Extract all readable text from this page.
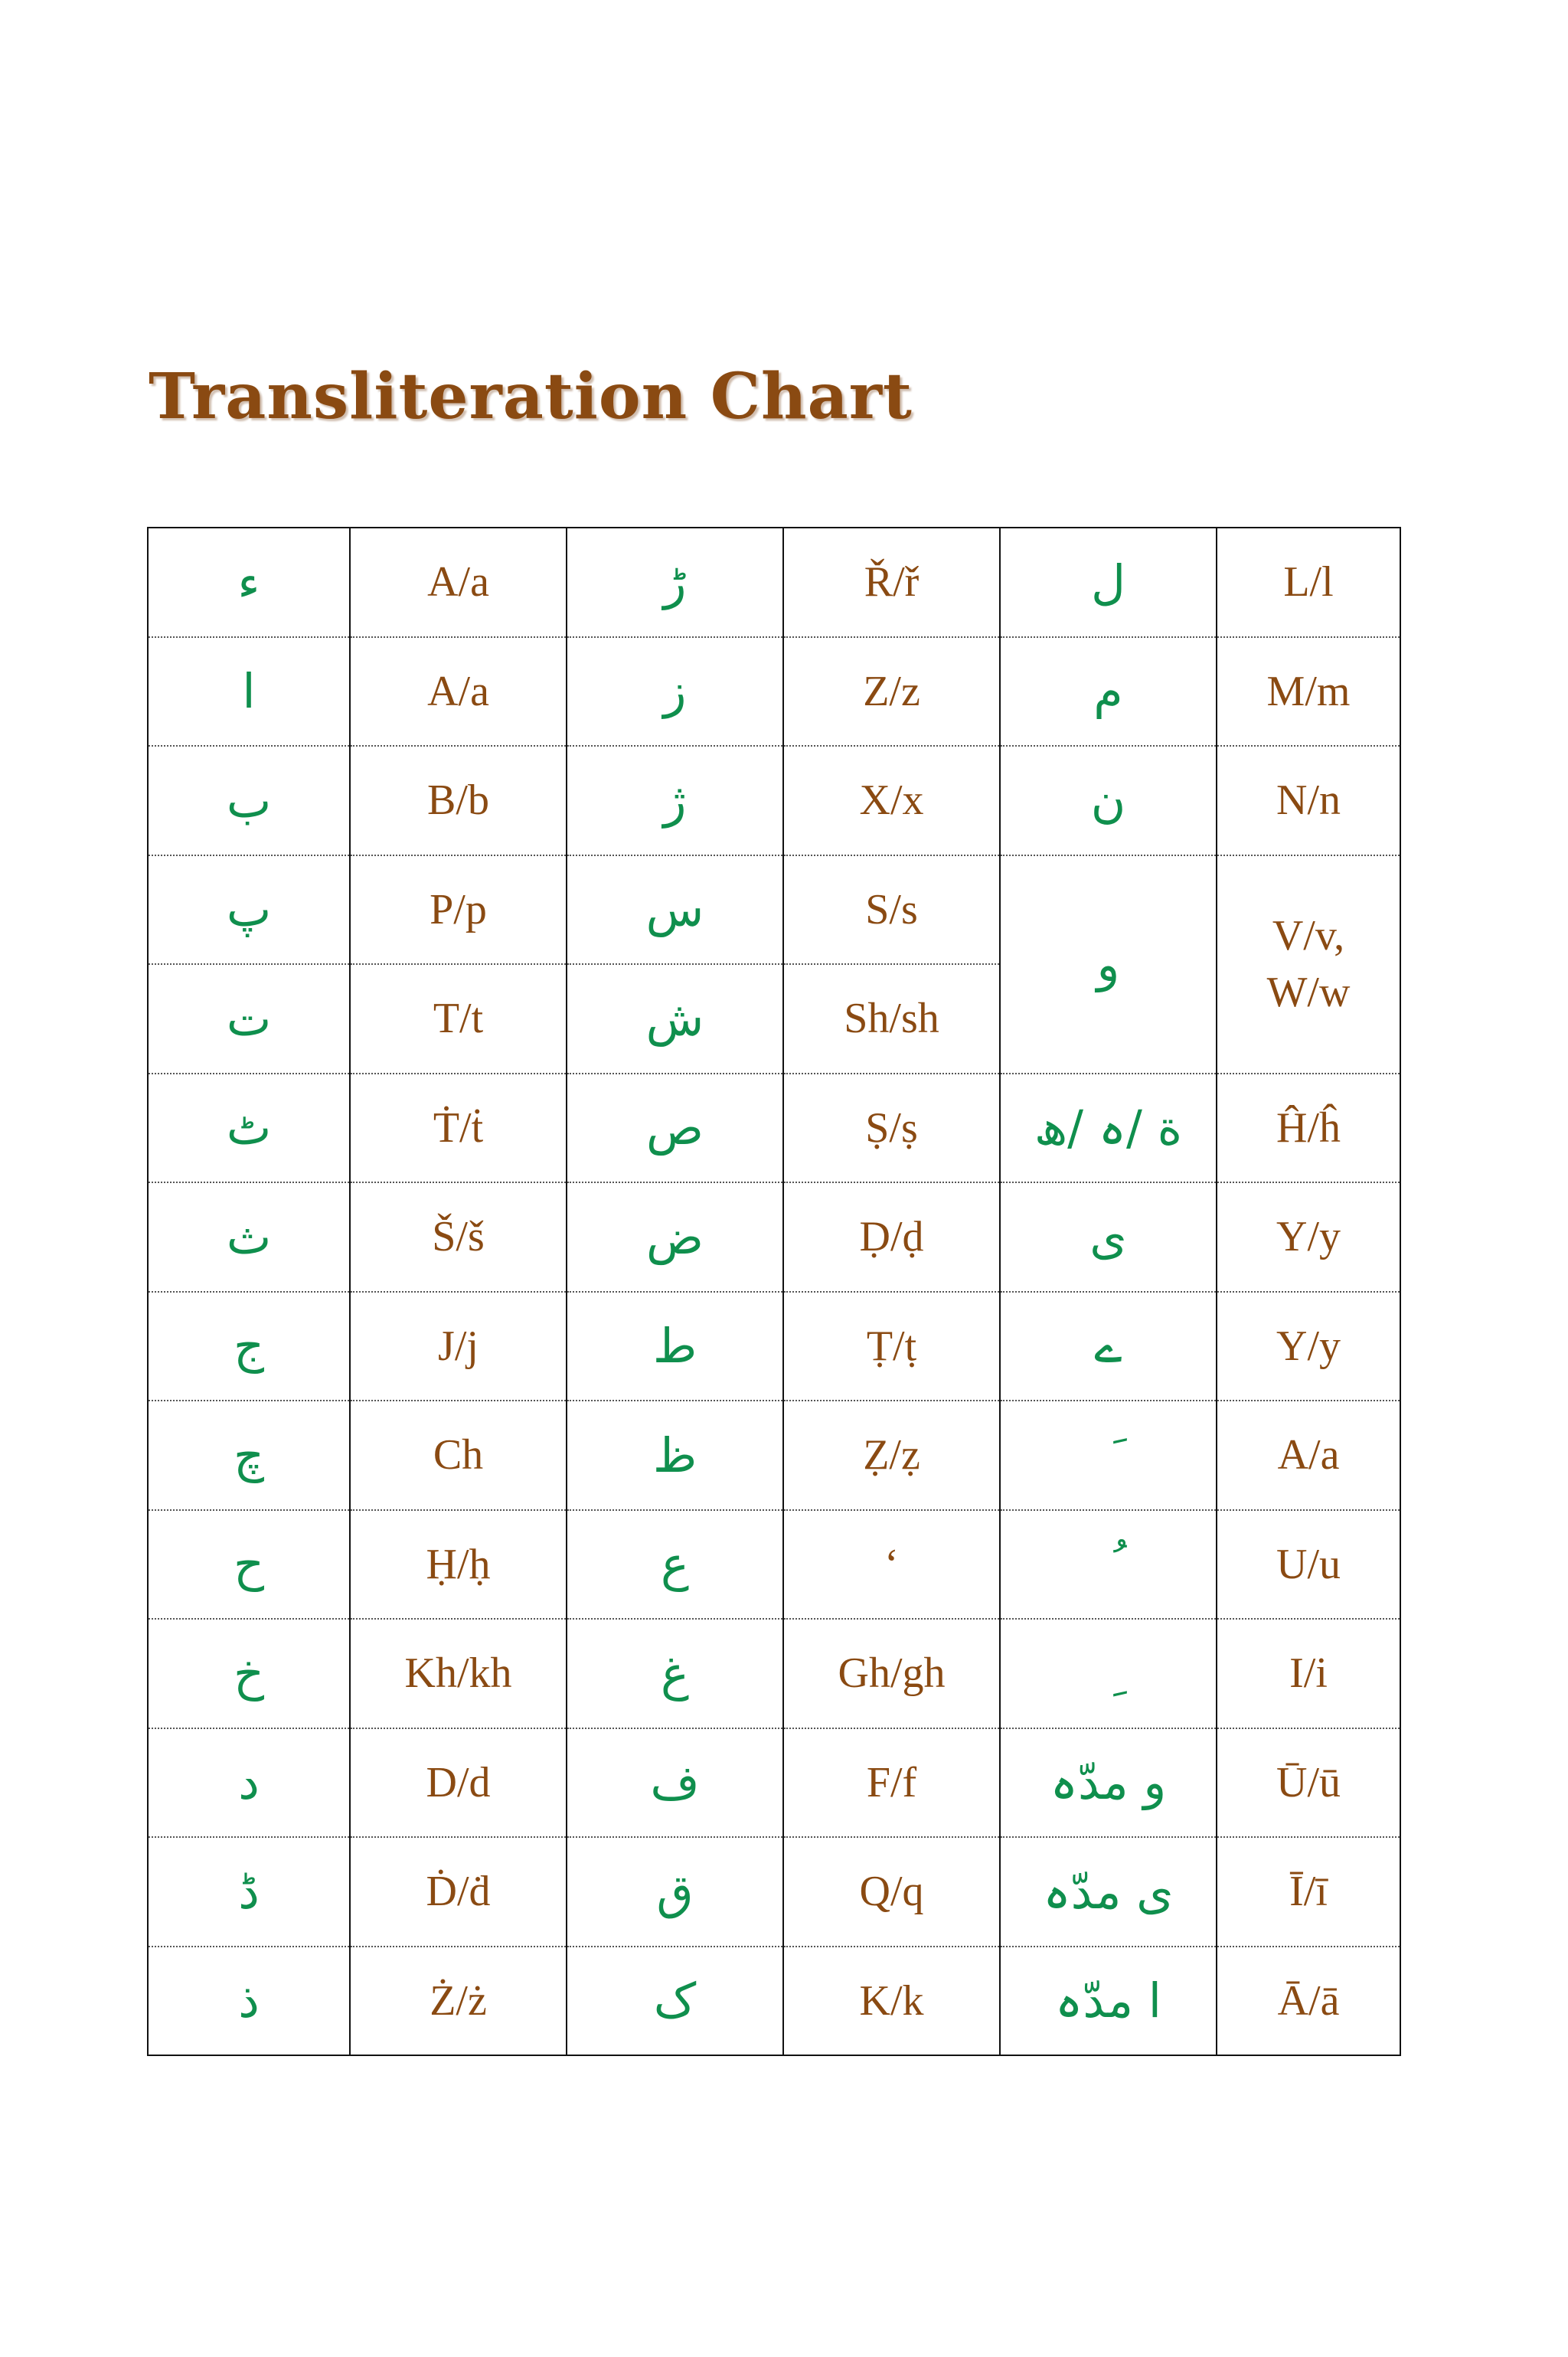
Transliteration Chart
ء	A/a	ڑ	Ř/ř	ل	L/l
ا	A/a	ز	Z/z	م	M/m
ب	B/b	ژ	X/x	ن	N/n
پ	P/p	س	S/s	و	V/v,
W/w
ت	T/t	ش	Sh/sh		
ٹ	Ṫ/ṫ	ص	Ṣ/ṣ	ة /ہ /ھ	Ĥ/ĥ
ث	Š/š	ض	Ḍ/ḍ	ی	Y/y
ج	J/j	ط	Ṭ/ṭ	ے	Y/y
چ	Ch	ظ	Ẓ/ẓ		A/a
ح	Ḥ/ḥ	ع	‘		U/u
خ	Kh/kh	غ	Gh/gh		I/i
د	D/d	ف	F/f	و مدّہ	Ū/ū
ڈ	Ḋ/ḋ	ق	Q/q	ی مدّہ	Ī/ī
ذ	Ż/ż	ک	K/k	ا مدّہ	Ā/ā
